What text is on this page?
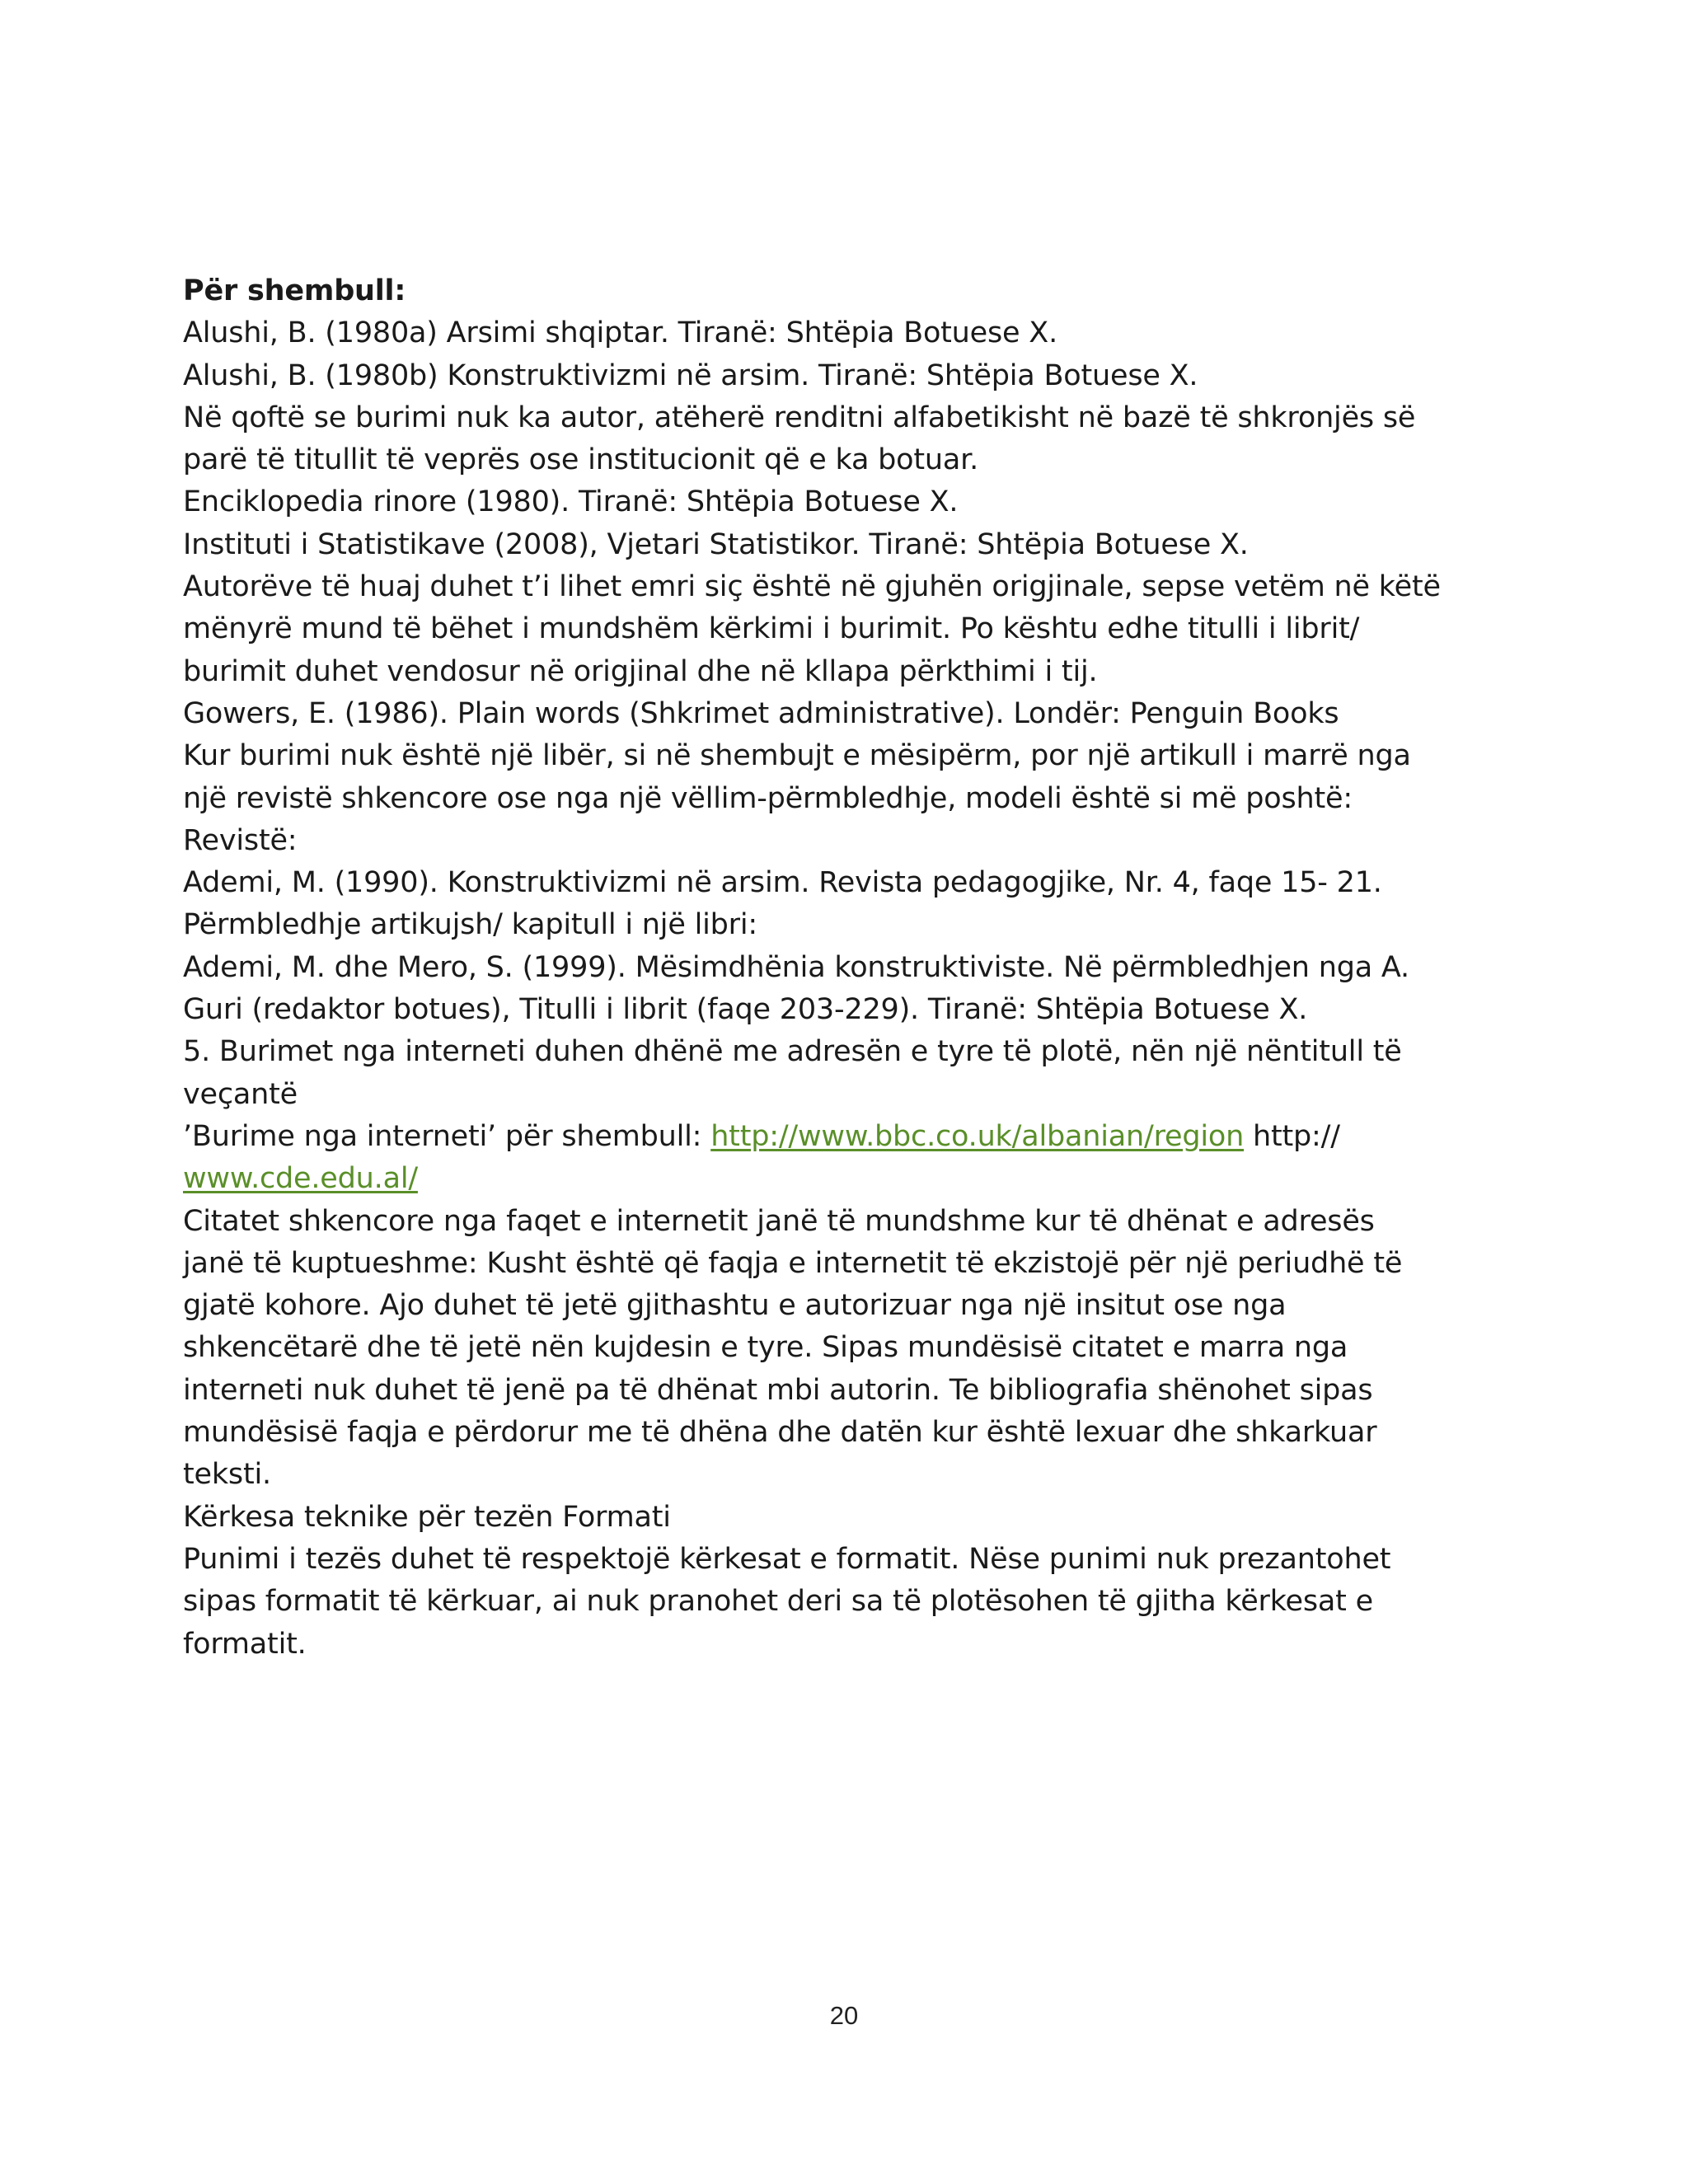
Për shembull:
Alushi, B. (1980a) Arsimi shqiptar. Tiranë: Shtëpia Botuese X.
Alushi, B. (1980b) Konstruktivizmi në arsim. Tiranë: Shtëpia Botuese X.
Në qoftë se burimi nuk ka autor, atëherë renditni alfabetikisht në bazë të shkronjës së
parë të titullit të veprës ose institucionit që e ka botuar.
Enciklopedia rinore (1980). Tiranë: Shtëpia Botuese X.
Instituti i Statistikave (2008), Vjetari Statistikor. Tiranë: Shtëpia Botuese X.
Autorëve të huaj duhet t’i lihet emri siç është në gjuhën origjinale, sepse vetëm në këtë
mënyrë mund të bëhet i mundshëm kërkimi i burimit. Po kështu edhe titulli i librit/
burimit duhet vendosur në origjinal dhe në kllapa përkthimi i tij.
Gowers, E. (1986). Plain words (Shkrimet administrative). Londër: Penguin Books
Kur burimi nuk është një libër, si në shembujt e mësipërm, por një artikull i marrë nga
një revistë shkencore ose nga një vëllim-përmbledhje, modeli është si më poshtë:
Revistë:
Ademi, M. (1990). Konstruktivizmi në arsim. Revista pedagogjike, Nr. 4, faqe 15- 21.
Përmbledhje artikujsh/ kapitull i një libri:
Ademi, M. dhe Mero, S. (1999). Mësimdhënia konstruktiviste. Në përmbledhjen nga A.
Guri (redaktor botues), Titulli i librit (faqe 203-229). Tiranë: Shtëpia Botuese X.
5. Burimet nga interneti duhen dhënë me adresën e tyre të plotë, nën një nëntitull të
veçantë
’Burime nga interneti’ për shembull: http://www.bbc.co.uk/albanian/region http://
www.cde.edu.al/
Citatet shkencore nga faqet e internetit janë të mundshme kur të dhënat e adresës
janë të kuptueshme: Kusht është që faqja e internetit të ekzistojë për një periudhë të
gjatë kohore. Ajo duhet të jetë gjithashtu e autorizuar nga një insitut ose nga
shkencëtarë dhe të jetë nën kujdesin e tyre. Sipas mundësisë citatet e marra nga
interneti nuk duhet të jenë pa të dhënat mbi autorin. Te bibliografia shënohet sipas
mundësisë faqja e përdorur me të dhëna dhe datën kur është lexuar dhe shkarkuar
teksti.
Kërkesa teknike për tezën Formati
Punimi i tezës duhet të respektojë kërkesat e formatit. Nëse punimi nuk prezantohet
sipas formatit të kërkuar, ai nuk pranohet deri sa të plotësohen të gjitha kërkesat e
formatit.
20
